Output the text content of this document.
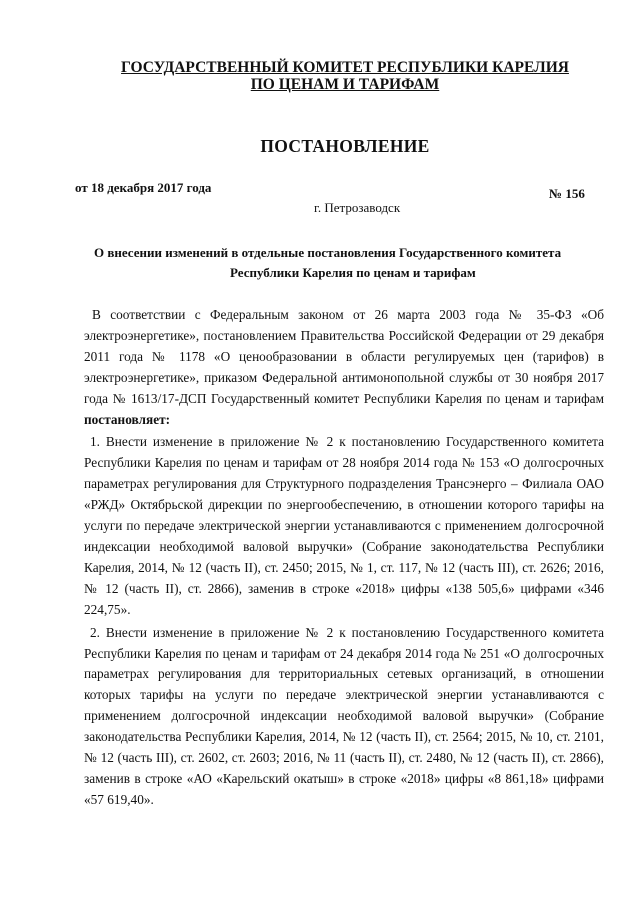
ГОСУДАРСТВЕННЫЙ КОМИТЕТ РЕСПУБЛИКИ КАРЕЛИЯ
ПО ЦЕНАМ И ТАРИФАМ
ПОСТАНОВЛЕНИЕ
от 18 декабря 2017 года	№ 156
г. Петрозаводск
О внесении изменений в отдельные постановления Государственного комитета
Республики Карелия по ценам и тарифам

В соответствии с Федеральным законом от 26 марта 2003 года № 35-ФЗ «Об электроэнергетике», постановлением Правительства Российской Федерации от 29 декабря 2011 года № 1178 «О ценообразовании в области регулируемых цен (тарифов) в электроэнергетике», приказом Федеральной антимонопольной службы от 30 ноября 2017 года № 1613/17-ДСП Государственный комитет Республики Карелия по ценам и тарифам постановляет:

1. Внести изменение в приложение № 2 к постановлению Государственного комитета Республики Карелия по ценам и тарифам от 28 ноября 2014 года № 153 «О долгосрочных параметрах регулирования для Структурного подразделения Трансэнерго – Филиала ОАО «РЖД» Октябрьской дирекции по энергообеспечению, в отношении которого тарифы на услуги по передаче электрической энергии устанавливаются с применением долгосрочной индексации необходимой валовой выручки» (Собрание законодательства Республики Карелия, 2014, № 12 (часть II), ст. 2450; 2015, № 1, ст. 117, № 12 (часть III), ст. 2626; 2016, № 12 (часть II), ст. 2866), заменив в строке «2018» цифры «138 505,6» цифрами «346 224,75».

2. Внести изменение в приложение № 2 к постановлению Государственного комитета Республики Карелия по ценам и тарифам от 24 декабря 2014 года № 251 «О долгосрочных параметрах регулирования для территориальных сетевых организаций, в отношении которых тарифы на услуги по передаче электрической энергии устанавливаются с применением долгосрочной индексации необходимой валовой выручки» (Собрание законодательства Республики Карелия, 2014, № 12 (часть II), ст. 2564; 2015, № 10, ст. 2101, № 12 (часть III), ст. 2602, ст. 2603; 2016, № 11 (часть II), ст. 2480, № 12 (часть II), ст. 2866), заменив в строке «АО «Карельский окатыш» в строке «2018» цифры «8 861,18» цифрами «57 619,40».
